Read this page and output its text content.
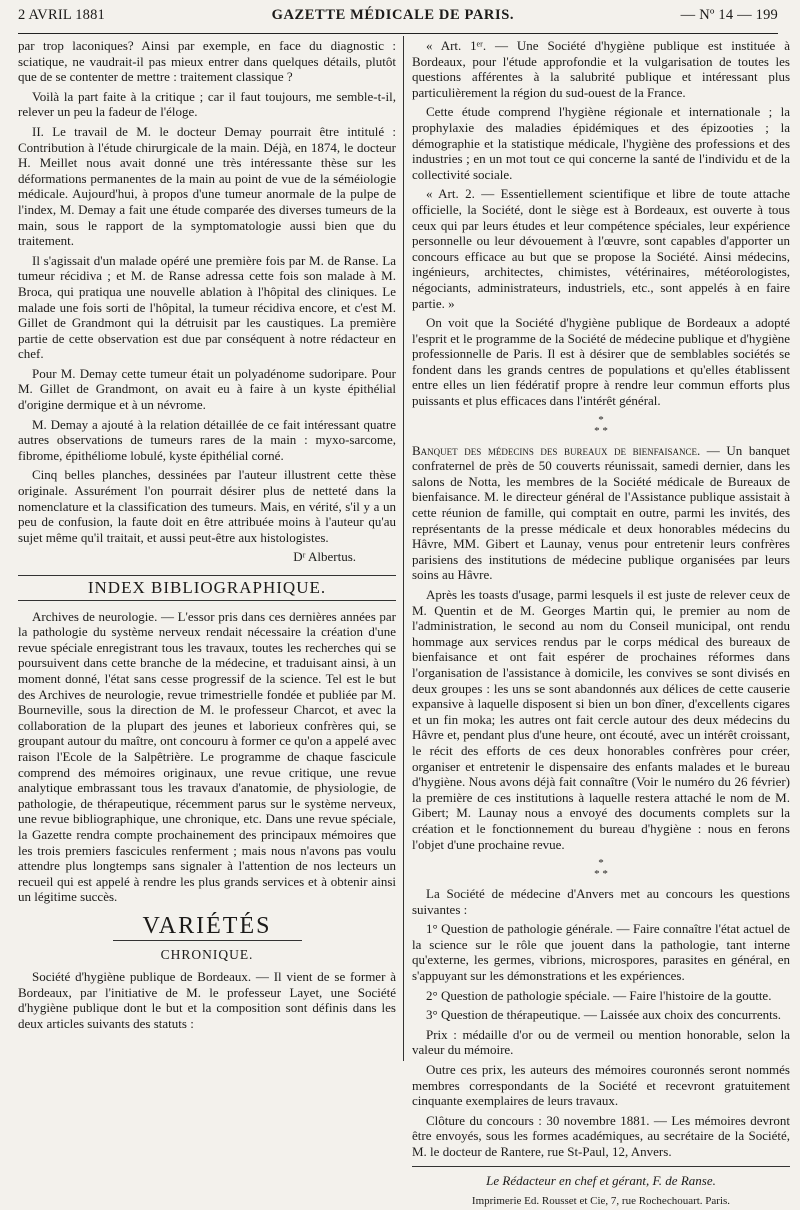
2 AVRIL 1881	GAZETTE MÉDICALE DE PARIS.	— Nº 14 — 199

par trop laconiques? Ainsi par exemple, en face du diagnostic : sciatique, ne vaudrait-il pas mieux entrer dans quelques détails, plutôt que de se contenter de mettre : traitement classique ?

Voilà la part faite à la critique ; car il faut toujours, me semble-t-il, relever un peu la fadeur de l'éloge.

II. Le travail de M. le docteur Demay pourrait être intitulé : Contribution à l'étude chirurgicale de la main. Déjà, en 1874, le docteur H. Meillet nous avait donné une très intéressante thèse sur les déformations permanentes de la main au point de vue de la séméiologie médicale. Aujourd'hui, à propos d'une tumeur anormale de la pulpe de l'index, M. Demay a fait une étude comparée des diverses tumeurs de la main, sous le rapport de la symptomatologie aussi bien que du traitement.

Il s'agissait d'un malade opéré une première fois par M. de Ranse. La tumeur récidiva ; et M. de Ranse adressa cette fois son malade à M. Broca, qui pratiqua une nouvelle ablation à l'hôpital des cliniques. Le malade une fois sorti de l'hôpital, la tumeur récidiva encore, et c'est M. Gillet de Grandmont qui la détruisit par les caustiques. La première partie de cette observation est due par conséquent à notre rédacteur en chef.

Pour M. Demay cette tumeur était un polyadénome sudoripare. Pour M. Gillet de Grandmont, on avait eu à faire à un kyste épithélial d'origine dermique et à un névrome.

M. Demay a ajouté à la relation détaillée de ce fait intéressant quatre autres observations de tumeurs rares de la main : myxo-sarcome, fibrome, épithéliome lobulé, kyste épithélial corné.

Cinq belles planches, dessinées par l'auteur illustrent cette thèse originale. Assurément l'on pourrait désirer plus de netteté dans la nomenclature et la classification des tumeurs. Mais, en vérité, s'il y a un peu de confusion, la faute doit en être attribuée moins à l'auteur qu'au sujet même qu'il traitait, et aussi peut-être aux histologistes.

Dʳ Albertus.

INDEX BIBLIOGRAPHIQUE.

Archives de neurologie. — L'essor pris dans ces dernières années par la pathologie du système nerveux rendait nécessaire la création d'une revue spéciale enregistrant tous les travaux, toutes les recherches qui se poursuivent dans cette branche de la médecine, et traduisant ainsi, à un moment donné, l'état sans cesse progressif de la science. Tel est le but des Archives de neurologie, revue trimestrielle fondée et publiée par M. Bourneville, sous la direction de M. le professeur Charcot, et avec la collaboration de la plupart des jeunes et laborieux confrères qui, se groupant autour du maître, ont concouru à former ce qu'on a appelé avec raison l'Ecole de la Salpêtrière. Le programme de chaque fascicule comprend des mémoires originaux, une revue critique, une revue analytique embrassant tous les travaux d'anatomie, de physiologie, de pathologie, de thérapeutique, récemment parus sur le système nerveux, une revue bibliographique, une chronique, etc. Dans une revue spéciale, la Gazette rendra compte prochainement des principaux mémoires que les trois premiers fascicules renferment ; mais nous n'avons pas voulu attendre plus longtemps sans signaler à l'attention de nos lecteurs un recueil qui est appelé à rendre les plus grands services et à obtenir ainsi un légitime succès.

VARIÉTÉS
CHRONIQUE.

Société d'hygiène publique de Bordeaux. — Il vient de se former à Bordeaux, par l'initiative de M. le professeur Layet, une Société d'hygiène publique dont le but et la composition sont définis dans les deux articles suivants des statuts :

« Art. 1ᵉʳ. — Une Société d'hygiène publique est instituée à Bordeaux, pour l'étude approfondie et la vulgarisation de toutes les questions afférentes à la salubrité publique et intéressant plus particulièrement la région du sud-ouest de la France.

Cette étude comprend l'hygiène régionale et internationale ; la prophylaxie des maladies épidémiques et des épizooties ; la démographie et la statistique médicale, l'hygiène des professions et des industries ; en un mot tout ce qui concerne la santé de l'individu et de la collectivité sociale.

« Art. 2. — Essentiellement scientifique et libre de toute attache officielle, la Société, dont le siège est à Bordeaux, est ouverte à tous ceux qui par leurs études et leur compétence spéciales, leur expérience personnelle ou leur dévouement à l'œuvre, sont capables d'apporter un concours efficace au but que se propose la Société. Ainsi médecins, ingénieurs, architectes, chimistes, vétérinaires, météorologistes, négociants, administrateurs, industriels, etc., sont appelés à en faire partie. »

On voit que la Société d'hygiène publique de Bordeaux a adopté l'esprit et le programme de la Société de médecine publique et d'hygiène professionnelle de Paris. Il est à désirer que de semblables sociétés se fondent dans les grands centres de populations et qu'elles établissent entre elles un lien fédératif propre à rendre leur commun efforts plus puissants et plus efficaces dans l'intérêt général.

*
* *

Banquet des médecins des bureaux de bienfaisance. — Un banquet confraternel de près de 50 couverts réunissait, samedi dernier, dans les salons de Notta, les membres de la Société médicale de Bureaux de bienfaisance. M. le directeur général de l'Assistance publique assistait à cette réunion de famille, qui comptait en outre, parmi les invités, des représentants de la presse médicale et deux honorables médecins du Hâvre, MM. Gibert et Launay, venus pour entretenir leurs confrères parisiens des institutions de médecine publique organisées par leurs soins au Hâvre.

Après les toasts d'usage, parmi lesquels il est juste de relever ceux de M. Quentin et de M. Georges Martin qui, le premier au nom de l'administration, le second au nom du Conseil municipal, ont rendu hommage aux services rendus par le corps médical des bureaux de bienfaisance et ont fait espérer de prochaines réformes dans l'organisation de l'assistance à domicile, les convives se sont divisés en deux groupes : les uns se sont abandonnés aux délices de cette causerie expansive à laquelle disposent si bien un bon dîner, d'excellents cigares et un fin moka; les autres ont fait cercle autour des deux médecins du Hâvre et, pendant plus d'une heure, ont écouté, avec un intérêt croissant, le récit des efforts de ces deux honorables confrères pour créer, organiser et entretenir le dispensaire des enfants malades et le bureau d'hygiène. Nous avons déjà fait connaître (Voir le numéro du 26 février) la première de ces institutions à laquelle restera attaché le nom de M. Gibert; M. Launay nous a envoyé des documents complets sur la création et le fonctionnement du bureau d'hygiène : nous en ferons l'objet d'une prochaine revue.

*
* *

La Société de médecine d'Anvers met au concours les questions suivantes :

1° Question de pathologie générale. — Faire connaître l'état actuel de la science sur le rôle que jouent dans la pathologie, tant interne qu'externe, les germes, vibrions, microspores, parasites en général, en s'appuyant sur les démonstrations et les expériences.

2° Question de pathologie spéciale. — Faire l'histoire de la goutte.

3° Question de thérapeutique. — Laissée aux choix des concurrents.

Prix : médaille d'or ou de vermeil ou mention honorable, selon la valeur du mémoire.

Outre ces prix, les auteurs des mémoires couronnés seront nommés membres correspondants de la Société et recevront gratuitement cinquante exemplaires de leurs travaux.

Clôture du concours : 30 novembre 1881. — Les mémoires devront être envoyés, sous les formes académiques, au secrétaire de la Société, M. le docteur de Rantere, rue St-Paul, 12, Anvers.

Le Rédacteur en chef et gérant, F. de Ranse.
Imprimerie Ed. Rousset et Cie, 7, rue Rochechouart. Paris.
